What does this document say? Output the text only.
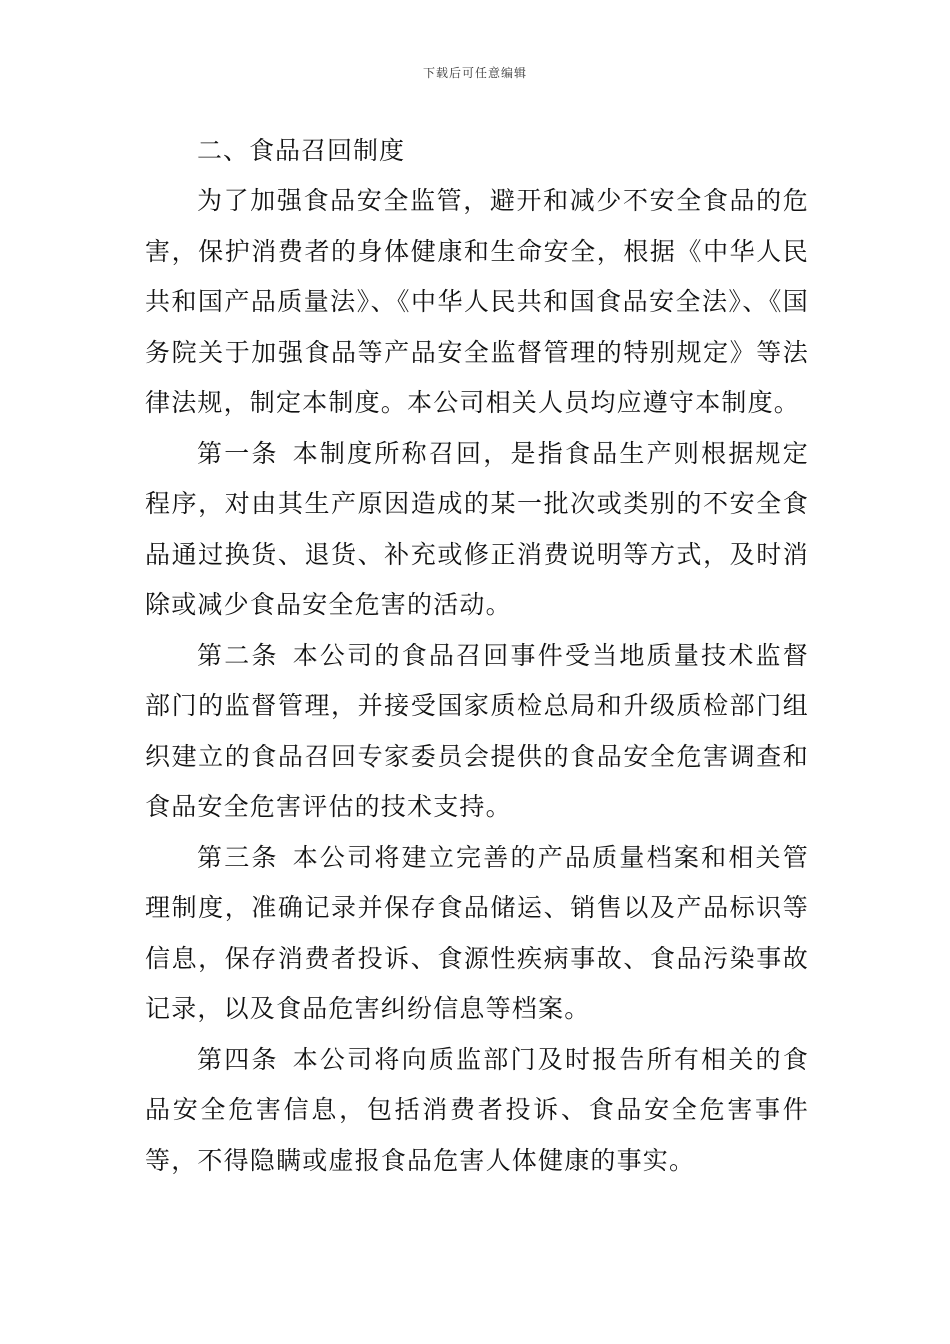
下载后可任意编辑
二、食品召回制度

为了加强食品安全监管，避开和减少不安全食品的危害，保护消费者的身体健康和生命安全，根据《中华人民共和国产品质量法》、《中华人民共和国食品安全法》、《国务院关于加强食品等产品安全监督管理的特别规定》等法律法规，制定本制度。本公司相关人员均应遵守本制度。

第一条 本制度所称召回，是指食品生产则根据规定程序，对由其生产原因造成的某一批次或类别的不安全食品通过换货、退货、补充或修正消费说明等方式，及时消除或减少食品安全危害的活动。

第二条 本公司的食品召回事件受当地质量技术监督部门的监督管理，并接受国家质检总局和升级质检部门组织建立的食品召回专家委员会提供的食品安全危害调查和食品安全危害评估的技术支持。

第三条 本公司将建立完善的产品质量档案和相关管理制度，准确记录并保存食品储运、销售以及产品标识等信息，保存消费者投诉、食源性疾病事故、食品污染事故记录，以及食品危害纠纷信息等档案。

第四条 本公司将向质监部门及时报告所有相关的食品安全危害信息，包括消费者投诉、食品安全危害事件等，不得隐瞒或虚报食品危害人体健康的事实。
